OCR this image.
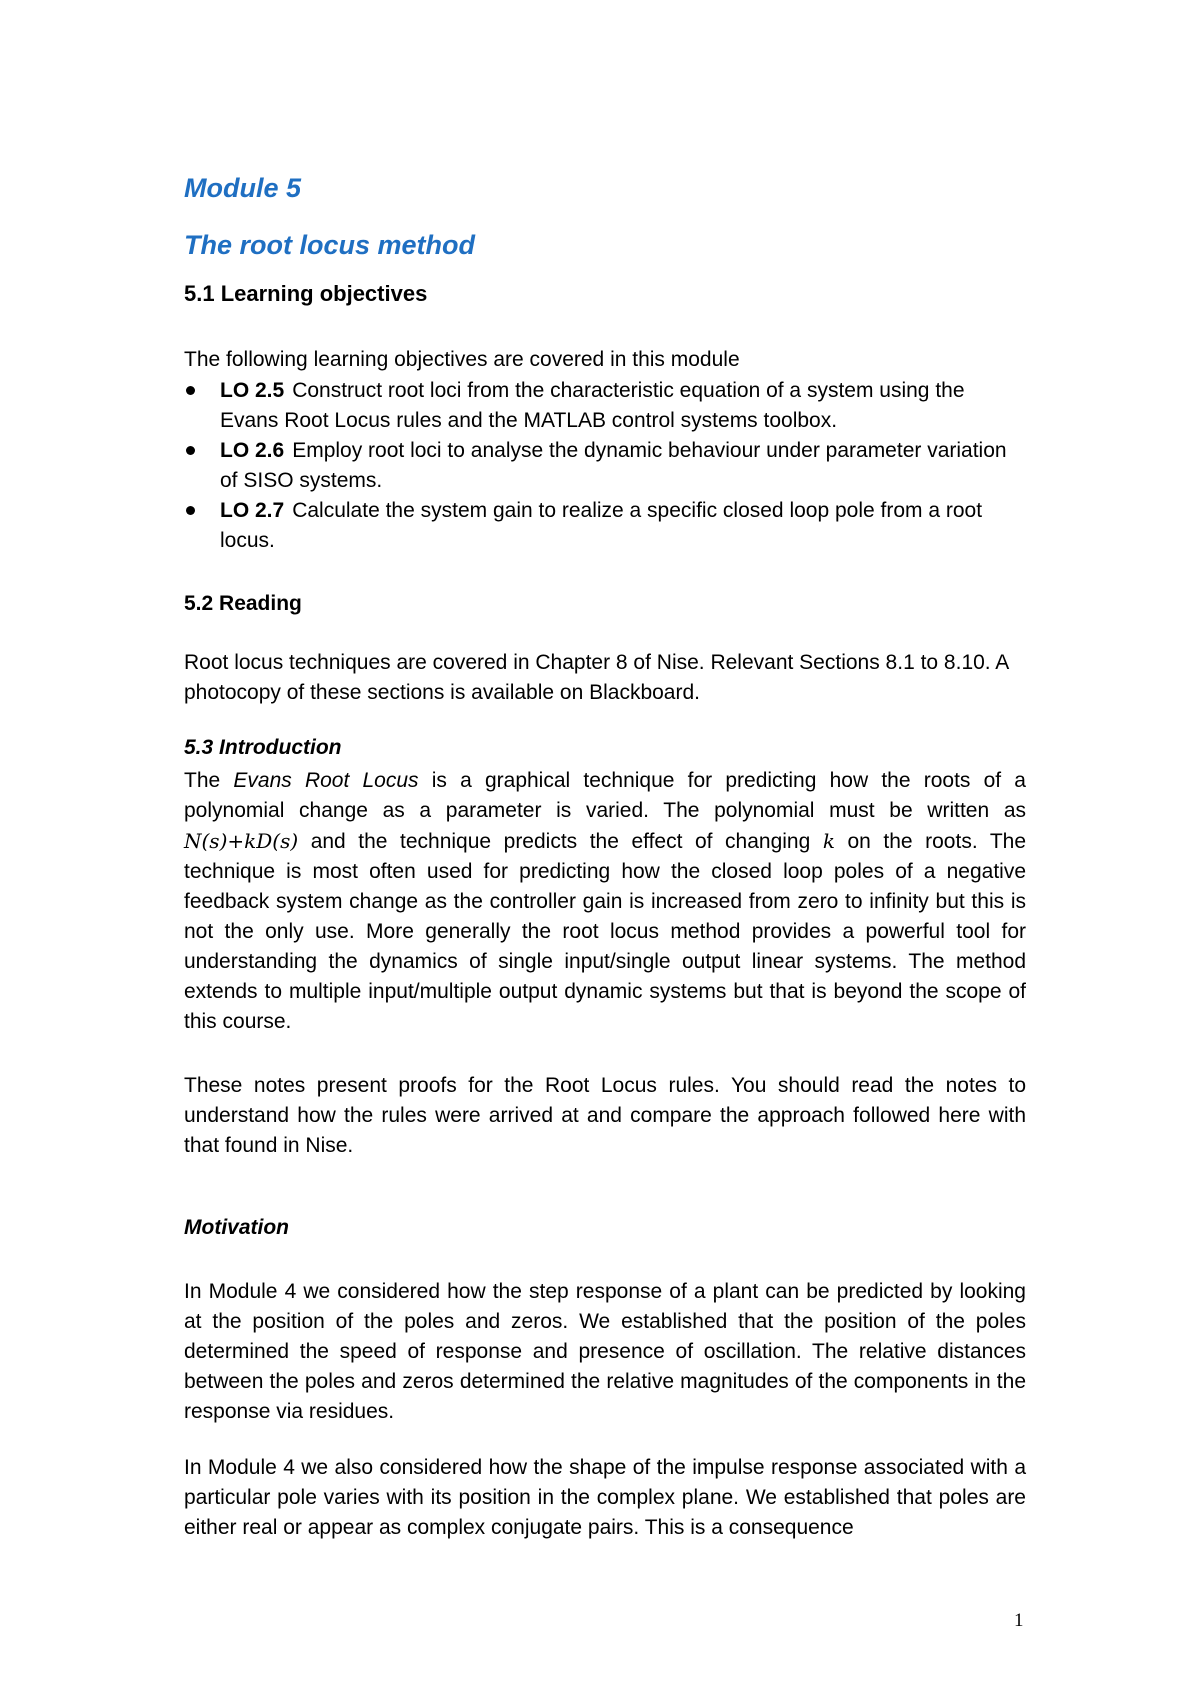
Module 5
The root locus method
5.1 Learning objectives

The following learning objectives are covered in this module

LO 2.5 Construct root loci from the characteristic equation of a system using the Evans Root Locus rules and the MATLAB control systems toolbox.
LO 2.6 Employ root loci to analyse the dynamic behaviour under parameter variation of SISO systems.
LO 2.7 Calculate the system gain to realize a specific closed loop pole from a root locus.
5.2 Reading

Root locus techniques are covered in Chapter 8 of Nise. Relevant Sections 8.1 to 8.10. A photocopy of these sections is available on Blackboard.

5.3 Introduction

The Evans Root Locus is a graphical technique for predicting how the roots of a polynomial change as a parameter is varied. The polynomial must be written as N(s)+kD(s) and the technique predicts the effect of changing k on the roots. The technique is most often used for predicting how the closed loop poles of a negative feedback system change as the controller gain is increased from zero to infinity but this is not the only use. More generally the root locus method provides a powerful tool for understanding the dynamics of single input/single output linear systems. The method extends to multiple input/multiple output dynamic systems but that is beyond the scope of this course.

These notes present proofs for the Root Locus rules. You should read the notes to understand how the rules were arrived at and compare the approach followed here with that found in Nise.

Motivation

In Module 4 we considered how the step response of a plant can be predicted by looking at the position of the poles and zeros. We established that the position of the poles determined the speed of response and presence of oscillation. The relative distances between the poles and zeros determined the relative magnitudes of the components in the response via residues.

In Module 4 we also considered how the shape of the impulse response associated with a particular pole varies with its position in the complex plane. We established that poles are either real or appear as complex conjugate pairs. This is a consequence

1
